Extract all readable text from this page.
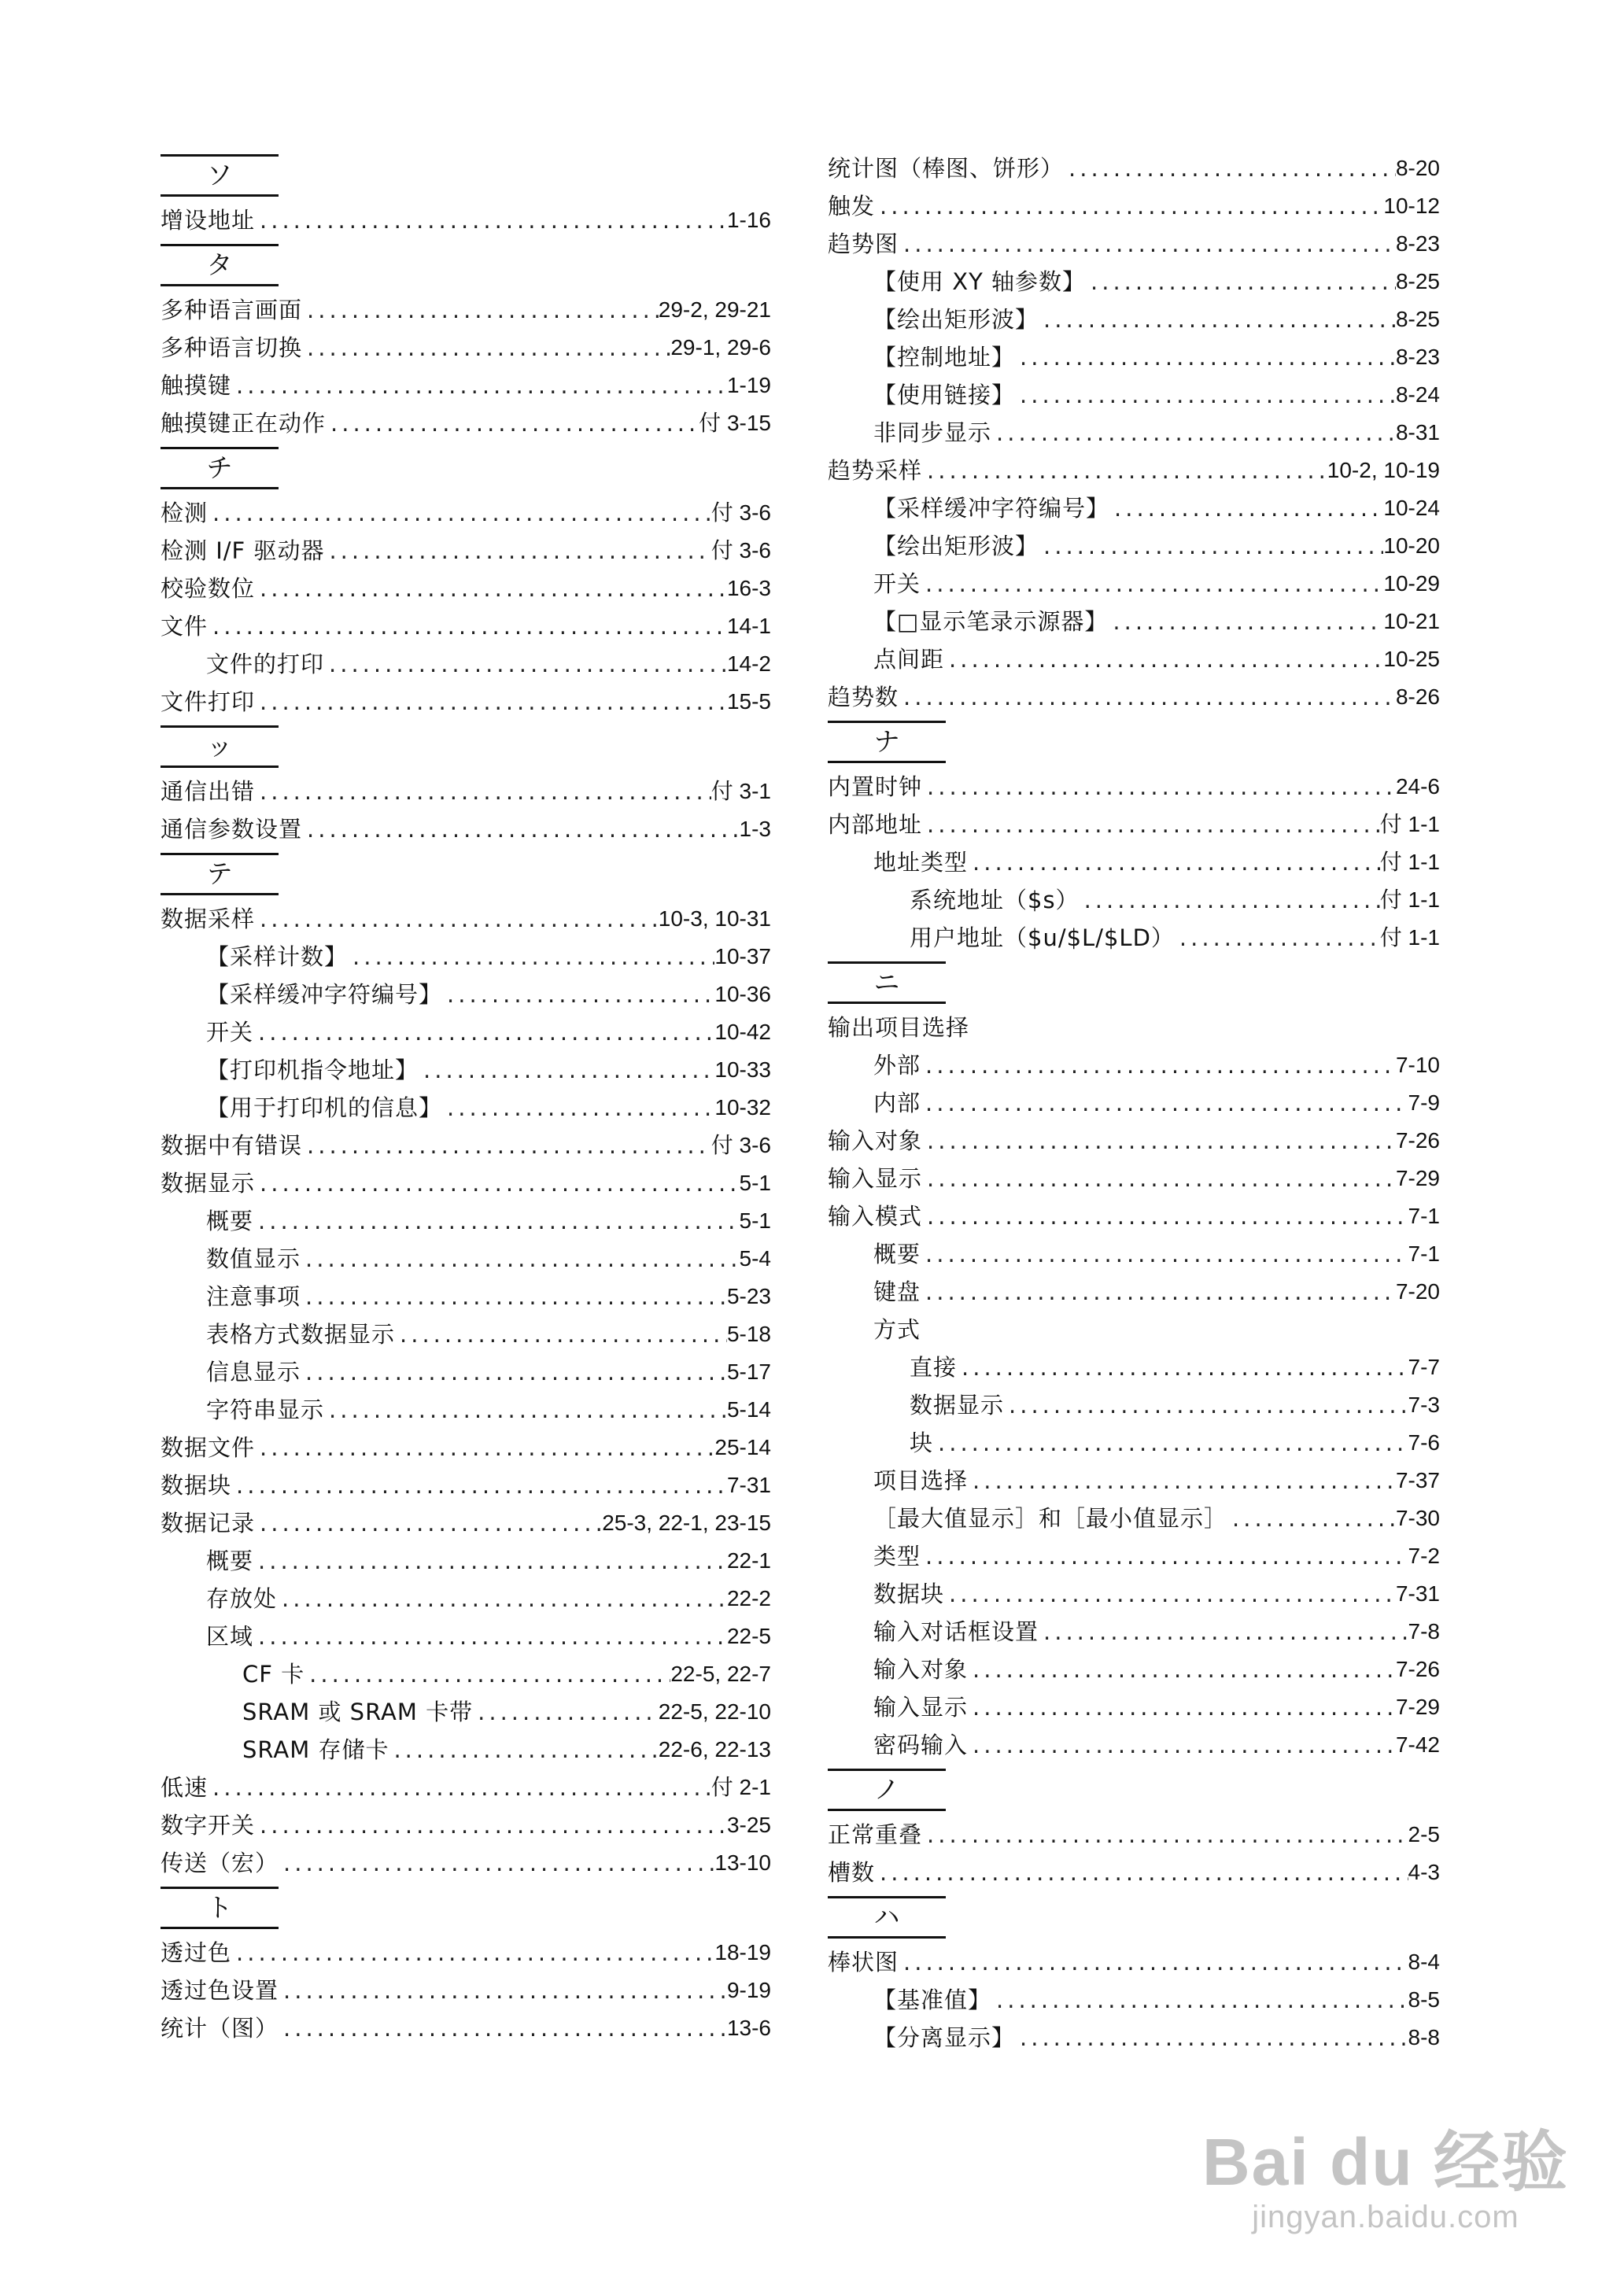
ソ
增设地址 .....	1-16
タ
多种语言画面 .....	29-2, 29-21
多种语言切换 .....	29-1, 29-6
触摸键 .....	1-19
触摸键正在动作 .....	付 3-15
チ
检测 .....	付 3-6
检测 I/F 驱动器 .....	付 3-6
校验数位 .....	16-3
文件 .....	14-1
文件的打印 .....	14-2
文件打印 .....	15-5
ッ
通信出错 .....	付 3-1
通信参数设置 .....	1-3
テ
数据采样 .....	10-3, 10-31
【采样计数】 .....	10-37
【采样缓冲字符编号】 .....	10-36
开关 .....	10-42
【打印机指令地址】 .....	10-33
【用于打印机的信息】 .....	10-32
数据中有错误 .....	付 3-6
数据显示 .....	5-1
概要 .....	5-1
数值显示 .....	5-4
注意事项 .....	5-23
表格方式数据显示 .....	5-18
信息显示 .....	5-17
字符串显示 .....	5-14
数据文件 .....	25-14
数据块 .....	7-31
数据记录 .....	25-3, 22-1, 23-15
概要 .....	22-1
存放处 .....	22-2
区域 .....	22-5
CF 卡 .....	22-5, 22-7
SRAM 或 SRAM 卡带 .....	22-5, 22-10
SRAM 存储卡 .....	22-6, 22-13
低速 .....	付 2-1
数字开关 .....	3-25
传送（宏） .....	13-10
ト
透过色 .....	18-19
透过色设置 .....	9-19
统计（图） .....	13-6
统计图（棒图、饼形） .....	8-20
触发 .....	10-12
趋势图 .....	8-23
【使用 XY 轴参数】 .....	8-25
【绘出矩形波】 .....	8-25
【控制地址】 .....	8-23
【使用链接】 .....	8-24
非同步显示 .....	8-31
趋势采样 .....	10-2, 10-19
【采样缓冲字符编号】 .....	10-24
【绘出矩形波】 .....	10-20
开关 .....	10-29
【□显示笔录示源器】 .....	10-21
点间距 .....	10-25
趋势数 .....	8-26
ナ
内置时钟 .....	24-6
内部地址 .....	付 1-1
地址类型 .....	付 1-1
系统地址（$s） .....	付 1-1
用户地址（$u/$L/$LD） .....	付 1-1
ニ
输出项目选择
外部 .....	7-10
内部 .....	7-9
输入对象 .....	7-26
输入显示 .....	7-29
输入模式 .....	7-1
概要 .....	7-1
键盘 .....	7-20
方式
直接 .....	7-7
数据显示 .....	7-3
块 .....	7-6
项目选择 .....	7-37
［最大值显示］和［最小值显示］ .....	7-30
类型 .....	7-2
数据块 .....	7-31
输入对话框设置 .....	7-8
输入对象 .....	7-26
输入显示 .....	7-29
密码输入 .....	7-42
ノ
正常重叠 .....	2-5
槽数 .....	4-3
ハ
棒状图 .....	8-4
【基准值】 .....	8-5
【分离显示】 .....	8-8
Bai du 经验
jingyan.baidu.com
